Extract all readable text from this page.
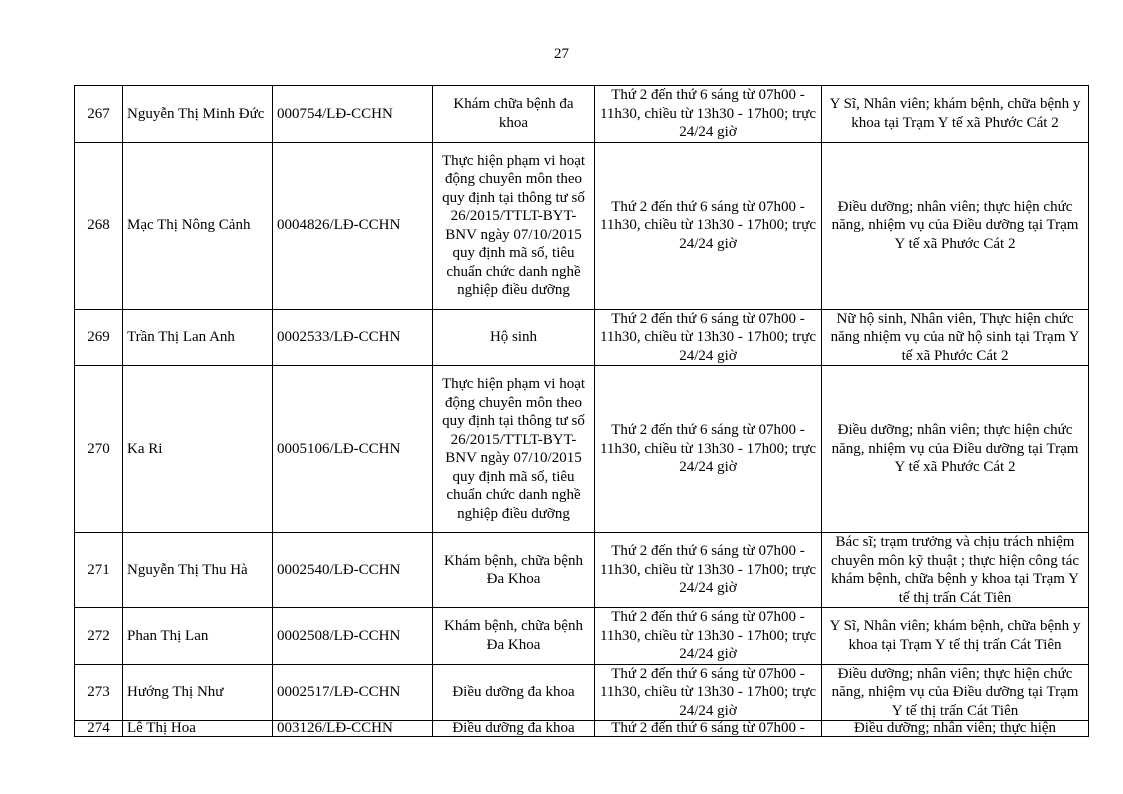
27
267	Nguyễn Thị Minh Đức	000754/LĐ-CCHN	Khám chữa bệnh đa khoa	Thứ 2 đến thứ 6 sáng từ 07h00 - 11h30, chiều từ 13h30 - 17h00; trực 24/24 giờ	Y Sĩ, Nhân viên; khám bệnh, chữa bệnh y khoa tại Trạm Y tế xã Phước Cát 2
268	Mạc Thị Nông Cảnh	0004826/LĐ-CCHN	Thực hiện phạm vi hoạt động chuyên môn theo quy định tại thông tư số 26/2015/TTLT-BYT-BNV ngày 07/10/2015 quy định mã số, tiêu chuẩn chức danh nghề nghiệp điều dưỡng	Thứ 2 đến thứ 6 sáng từ 07h00 - 11h30, chiều từ 13h30 - 17h00; trực 24/24 giờ	Điều dưỡng; nhân viên; thực hiện chức năng, nhiệm vụ của Điều dưỡng tại Trạm Y tế xã Phước Cát 2
269	Trần Thị Lan Anh	0002533/LĐ-CCHN	Hộ sinh	Thứ 2 đến thứ 6 sáng từ 07h00 - 11h30, chiều từ 13h30 - 17h00; trực 24/24 giờ	Nữ hộ sinh, Nhân viên, Thực hiện chức năng nhiệm vụ của nữ hộ sinh tại Trạm Y tế xã Phước Cát 2
270	Ka Ri	0005106/LĐ-CCHN	Thực hiện phạm vi hoạt động chuyên môn theo quy định tại thông tư số 26/2015/TTLT-BYT-BNV ngày 07/10/2015 quy định mã số, tiêu chuẩn chức danh nghề nghiệp điều dưỡng	Thứ 2 đến thứ 6 sáng từ 07h00 - 11h30, chiều từ 13h30 - 17h00; trực 24/24 giờ	Điều dưỡng; nhân viên; thực hiện chức năng, nhiệm vụ của Điều dưỡng tại Trạm Y tế xã Phước Cát 2
271	Nguyễn Thị Thu Hà	0002540/LĐ-CCHN	Khám bệnh, chữa bệnh Đa Khoa	Thứ 2 đến thứ 6 sáng từ 07h00 - 11h30, chiều từ 13h30 - 17h00; trực 24/24 giờ	Bác sĩ; trạm trưởng và chịu trách nhiệm chuyên môn kỹ thuật ; thực hiện công tác khám bệnh, chữa bệnh y khoa tại Trạm Y tế thị trấn Cát Tiên
272	Phan Thị Lan	0002508/LĐ-CCHN	Khám bệnh, chữa bệnh Đa Khoa	Thứ 2 đến thứ 6 sáng từ 07h00 - 11h30, chiều từ 13h30 - 17h00; trực 24/24 giờ	Y Sĩ, Nhân viên; khám bệnh, chữa bệnh y khoa tại Trạm Y tế thị trấn Cát Tiên
273	Hướng Thị Như	0002517/LĐ-CCHN	Điều dưỡng đa khoa	Thứ 2 đến thứ 6 sáng từ 07h00 - 11h30, chiều từ 13h30 - 17h00; trực 24/24 giờ	Điều dưỡng; nhân viên; thực hiện chức năng, nhiệm vụ của Điều dưỡng tại Trạm Y tế thị trấn Cát Tiên
274	Lê Thị Hoa	003126/LĐ-CCHN	Điều dưỡng đa khoa	Thứ 2 đến thứ 6 sáng từ 07h00 -	Điều dưỡng; nhân viên; thực hiện
